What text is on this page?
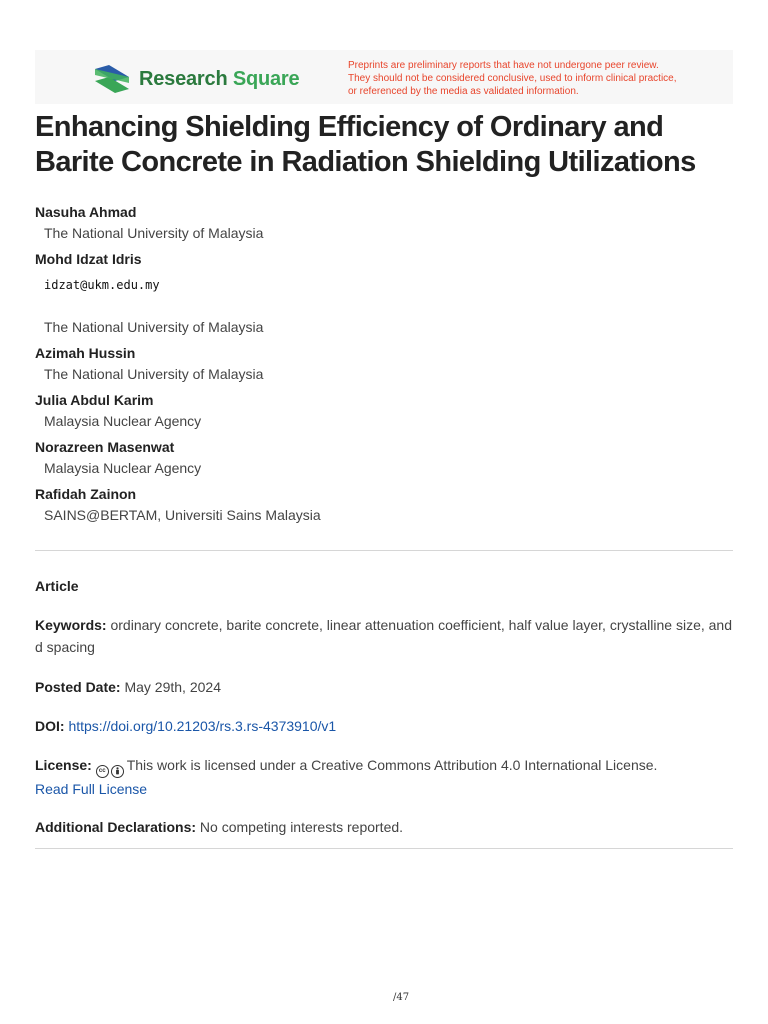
Research Square
Preprints are preliminary reports that have not undergone peer review.
They should not be considered conclusive, used to inform clinical practice,
or referenced by the media as validated information.
Enhancing Shielding Efficiency of Ordinary and Barite Concrete in Radiation Shielding Utilizations
Nasuha Ahmad
The National University of Malaysia
Mohd Idzat Idris
idzat@ukm.edu.my
The National University of Malaysia
Azimah Hussin
The National University of Malaysia
Julia Abdul Karim
Malaysia Nuclear Agency
Norazreen Masenwat
Malaysia Nuclear Agency
Rafidah Zainon
SAINS@BERTAM, Universiti Sains Malaysia
Article
Keywords: ordinary concrete, barite concrete, linear attenuation coefficient, half value layer, crystalline size, and d spacing
Posted Date: May 29th, 2024
DOI: https://doi.org/10.21203/rs.3.rs-4373910/v1
License:	cc This work is licensed under a Creative Commons Attribution 4.0 International License.
Read Full License
Additional Declarations: No competing interests reported.
/47
